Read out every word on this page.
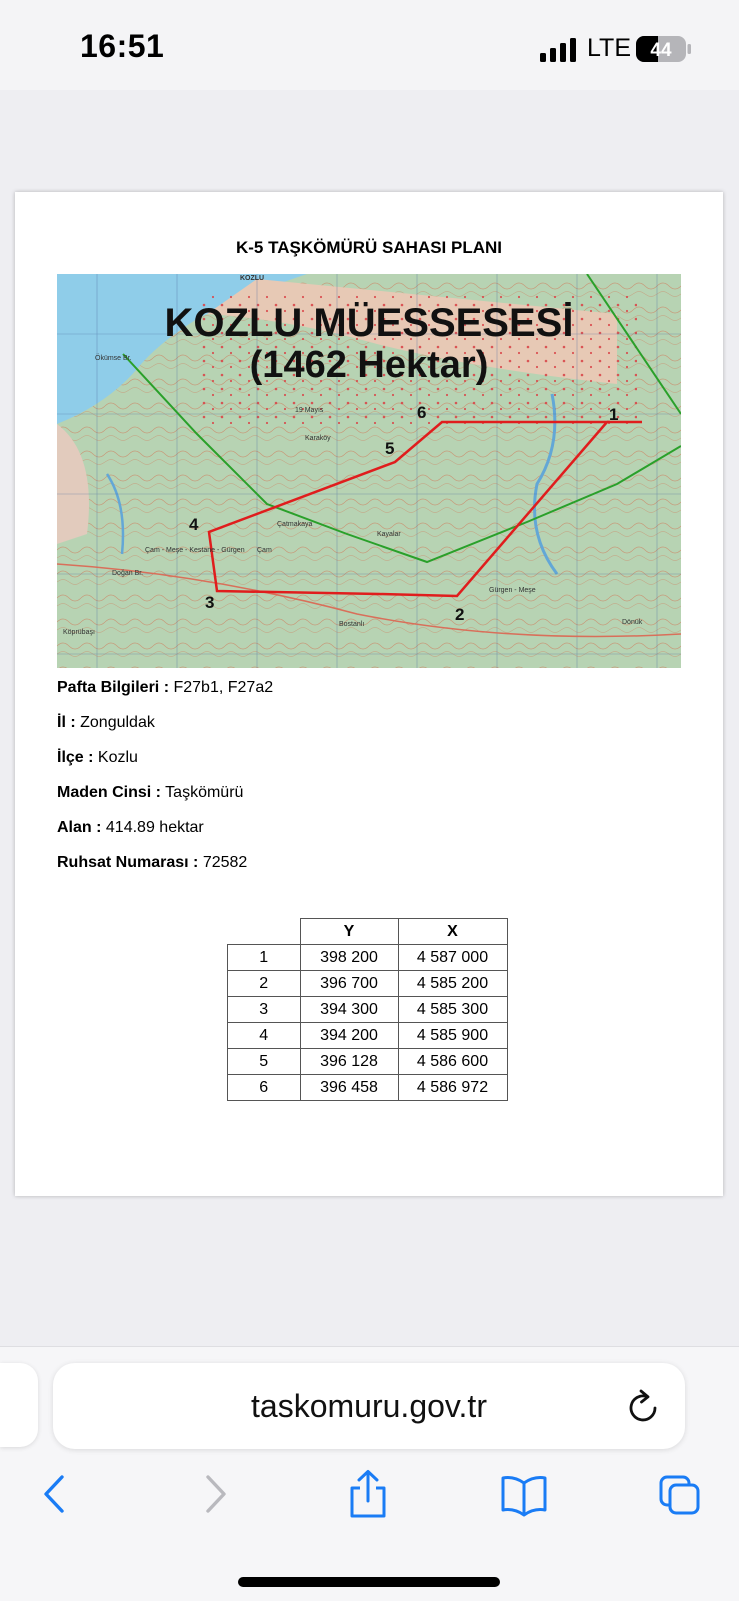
16:51	LTE 44
K-5 TAŞKÖMÜRÜ SAHASI PLANI
1
2
3
4
5
6
KOZLU
Ökümse Br.
Çam - Meşe - Kestane - Gürgen
Doğan Br.
Çam
Gürgen - Meşe
Köprübaşı
Bostanlı
Kayalar
Çatmakaya
Karaköy
19 Mayıs
Dönük
KOZLU MÜESSESESİ
(1462 Hektar)
Pafta Bilgileri : F27b1, F27a2
İl : Zonguldak
İlçe : Kozlu
Maden Cinsi : Taşkömürü
Alan : 414.89 hektar
Ruhsat Numarası : 72582
	Y	X
1	398 200	4 587 000
2	396 700	4 585 200
3	394 300	4 585 300
4	394 200	4 585 900
5	396 128	4 586 600
6	396 458	4 586 972
taskomuru.gov.tr
